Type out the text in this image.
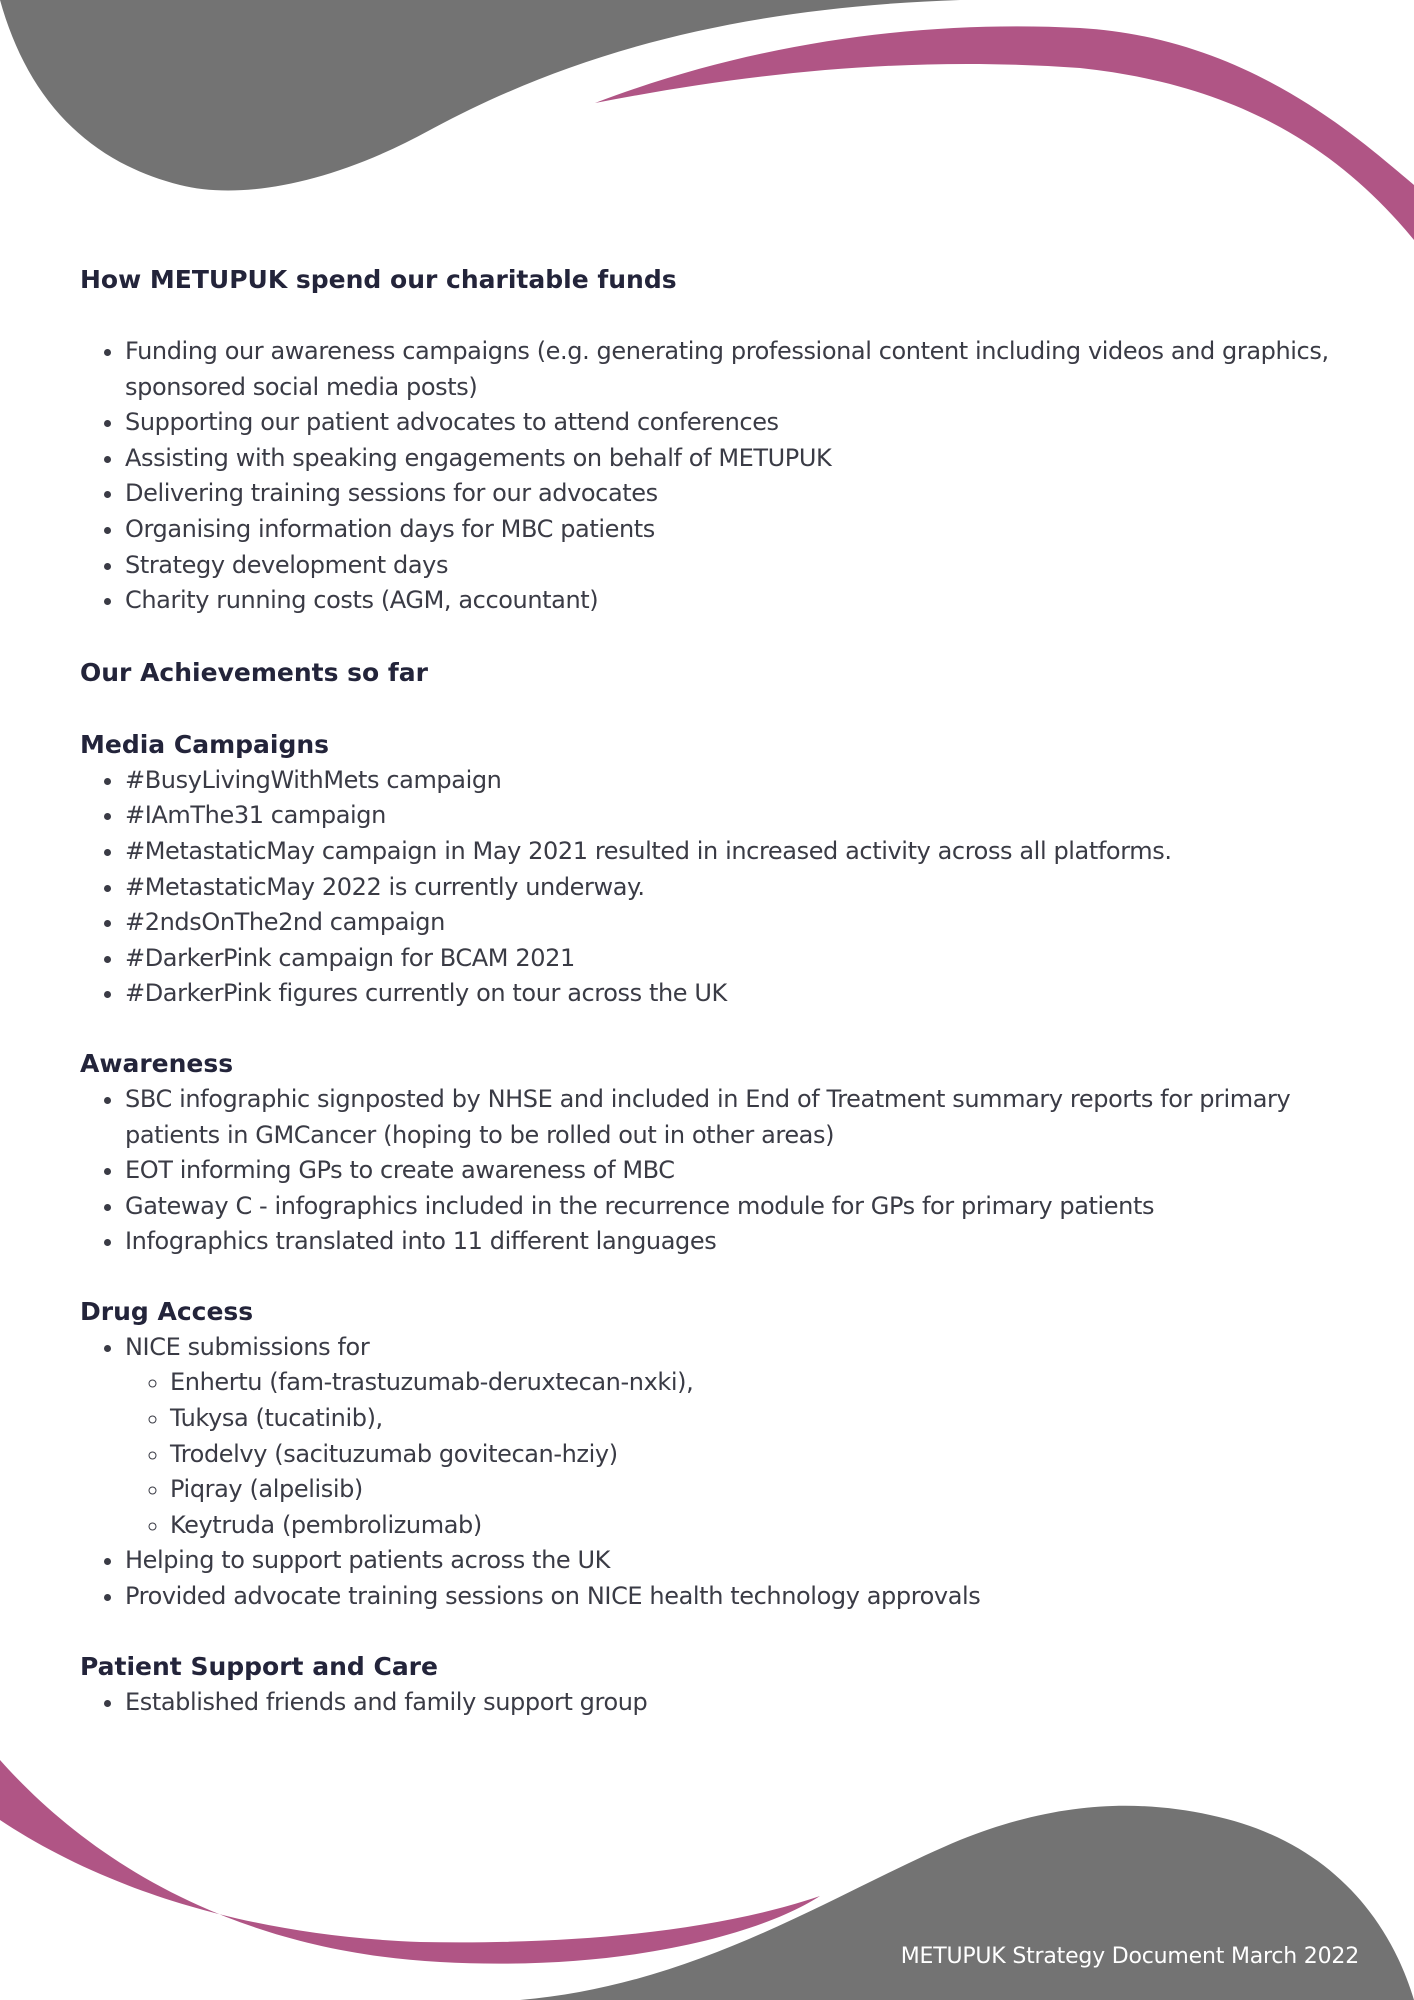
How METUPUK spend our charitable funds
• Funding our awareness campaigns (e.g. generating professional content including videos and graphics, sponsored social media posts)
• Supporting our patient advocates to attend conferences
• Assisting with speaking engagements on behalf of METUPUK
• Delivering training sessions for our advocates
• Organising information days for MBC patients
• Strategy development days
• Charity running costs (AGM, accountant)
Our Achievements so far
Media Campaigns
• #BusyLivingWithMets campaign
• #IAmThe31 campaign
• #MetastaticMay campaign in May 2021 resulted in increased activity across all platforms.
• #MetastaticMay 2022 is currently underway.
• #2ndsOnThe2nd campaign
• #DarkerPink campaign for BCAM 2021
• #DarkerPink figures currently on tour across the UK
Awareness
• SBC infographic signposted by NHSE and included in End of Treatment summary reports for primary patients in GMCancer (hoping to be rolled out in other areas)
• EOT informing GPs to create awareness of MBC
• Gateway C - infographics included in the recurrence module for GPs for primary patients
• Infographics translated into 11 different languages
Drug Access
• NICE submissions for
◦ Enhertu (fam-trastuzumab-deruxtecan-nxki),
◦ Tukysa (tucatinib),
◦ Trodelvy (sacituzumab govitecan-hziy)
◦ Piqray (alpelisib)
◦ Keytruda (pembrolizumab)
• Helping to support patients across the UK
• Provided advocate training sessions on NICE health technology approvals
Patient Support and Care
• Established friends and family support group
METUPUK Strategy Document March 2022
